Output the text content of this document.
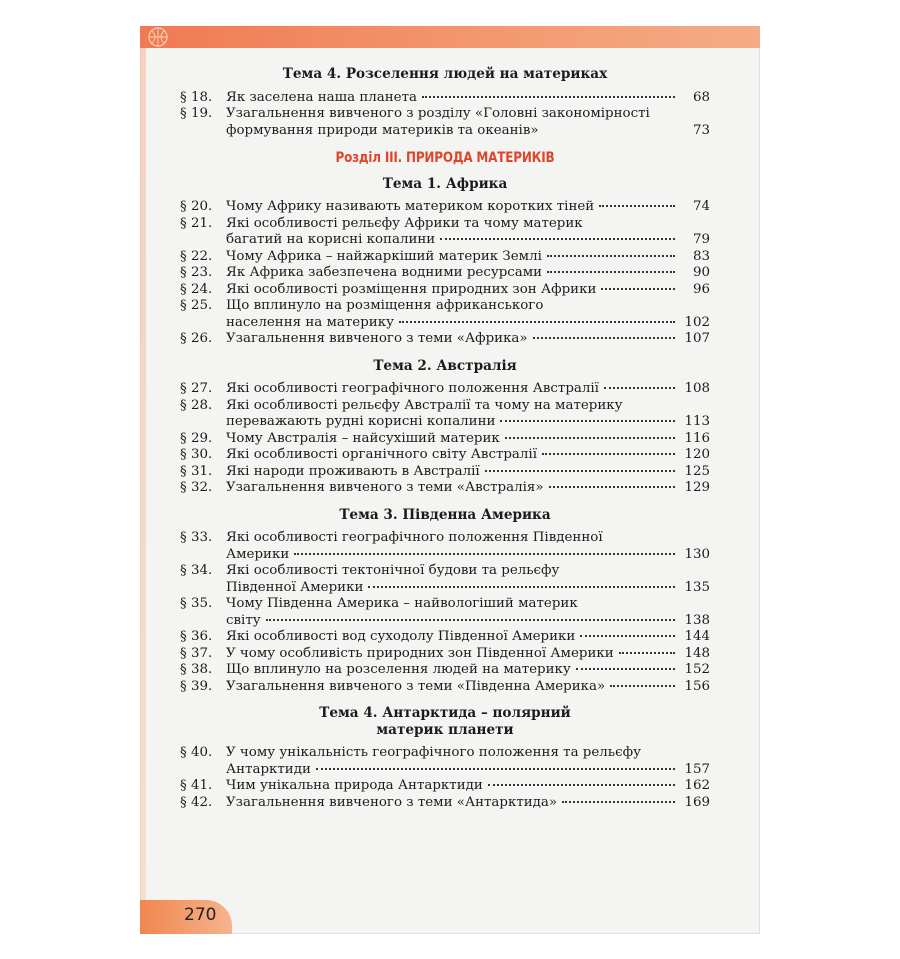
Тема 4. Розселення людей на материках
§ 18.	Як заселена наша планета	68
§ 19.	Узагальнення вивченого з розділу «Головні закономірності
формування природи материків та океанів»	73
Розділ ІІІ. ПРИРОДА МАТЕРИКІВ
Тема 1. Африка
§ 20.	Чому Африку називають материком коротких тіней	74
§ 21.	Які особливості рельєфу Африки та чому материк
багатий на корисні копалини	79
§ 22.	Чому Африка – найжаркіший материк Землі	83
§ 23.	Як Африка забезпечена водними ресурсами	90
§ 24.	Які особливості розміщення природних зон Африки	96
§ 25.	Що вплинуло на розміщення африканського
населення на материку	102
§ 26.	Узагальнення вивченого з теми «Африка»	107
Тема 2. Австралія
§ 27.	Які особливості географічного положення Австралії	108
§ 28.	Які особливості рельєфу Австралії та чому на материку
переважають рудні корисні копалини	113
§ 29.	Чому Австралія – найсухіший материк	116
§ 30.	Які особливості органічного світу Австралії	120
§ 31.	Які народи проживають в Австралії	125
§ 32.	Узагальнення вивченого з теми «Австралія»	129
Тема 3. Південна Америка
§ 33.	Які особливості географічного положення Південної
Америки	130
§ 34.	Які особливості тектонічної будови та рельєфу
Південної Америки	135
§ 35.	Чому Південна Америка – найвологіший материк
світу	138
§ 36.	Які особливості вод суходолу Південної Америки	144
§ 37.	У чому особливість природних зон Південної Америки	148
§ 38.	Що вплинуло на розселення людей на материку	152
§ 39.	Узагальнення вивченого з теми «Південна Америка»	156
Тема 4. Антарктида – полярний
материк планети
§ 40.	У чому унікальність географічного положення та рельєфу
Антарктиди	157
§ 41.	Чим унікальна природа Антарктиди	162
§ 42.	Узагальнення вивченого з теми «Антарктида»	169
270
